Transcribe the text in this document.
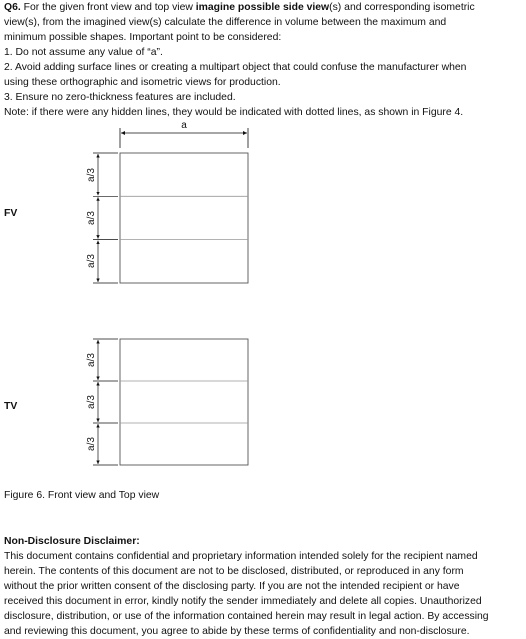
Q6. For the given front view and top view imagine possible side view(s) and corresponding isometric
view(s), from the imagined view(s) calculate the difference in volume between the maximum and
minimum possible shapes. Important point to be considered:
1. Do not assume any value of “a”.
2. Avoid adding surface lines or creating a multipart object that could confuse the manufacturer when
using these orthographic and isometric views for production.
3. Ensure no zero-thickness features are included.
Note: if there were any hidden lines, they would be indicated with dotted lines, as shown in Figure 4.
a
a/3
a/3
a/3
a/3
a/3
a/3
FV
TV
Figure 6. Front view and Top view
Non-Disclosure Disclaimer:
This document contains confidential and proprietary information intended solely for the recipient named
herein. The contents of this document are not to be disclosed, distributed, or reproduced in any form
without the prior written consent of the disclosing party. If you are not the intended recipient or have
received this document in error, kindly notify the sender immediately and delete all copies. Unauthorized
disclosure, distribution, or use of the information contained herein may result in legal action. By accessing
and reviewing this document, you agree to abide by these terms of confidentiality and non-disclosure.
